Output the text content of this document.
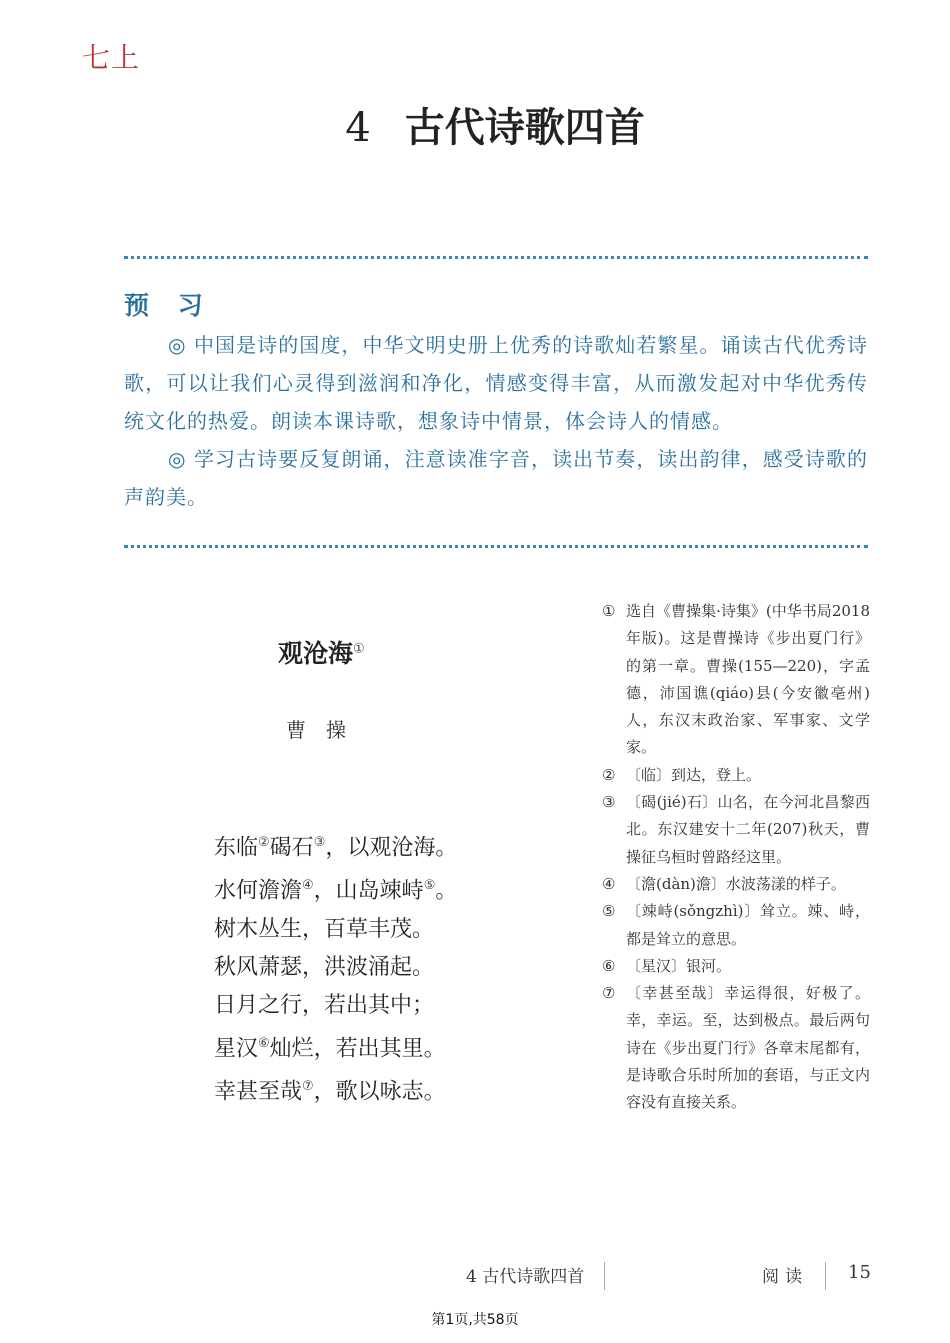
七上
4 古代诗歌四首
预 习
◎ 中国是诗的国度，中华文明史册上优秀的诗歌灿若繁星。诵读古代优秀诗歌，可以让我们心灵得到滋润和净化，情感变得丰富，从而激发起对中华优秀传统文化的热爱。朗读本课诗歌，想象诗中情景，体会诗人的情感。
◎ 学习古诗要反复朗诵，注意读准字音，读出节奏，读出韵律，感受诗歌的声韵美。
观沧海①
曹操
东临②碣石③，以观沧海。
水何澹澹④，山岛竦峙⑤。
树木丛生，百草丰茂。
秋风萧瑟，洪波涌起。
日月之行，若出其中；
星汉⑥灿烂，若出其里。
幸甚至哉⑦，歌以咏志。
① 选自《曹操集·诗集》(中华书局2018年版)。这是曹操诗《步出夏门行》的第一章。曹操(155—220)，字孟德，沛国谯(qiáo)县(今安徽亳州)人，东汉末政治家、军事家、文学家。
② 〔临〕到达，登上。
③ 〔碣(jié)石〕山名，在今河北昌黎西北。东汉建安十二年(207)秋天，曹操征乌桓时曾路经这里。
④ 〔澹(dàn)澹〕水波荡漾的样子。
⑤ 〔竦峙(sǒngzhì)〕耸立。竦、峙，都是耸立的意思。
⑥ 〔星汉〕银河。
⑦ 〔幸甚至哉〕幸运得很，好极了。幸，幸运。至，达到极点。最后两句诗在《步出夏门行》各章末尾都有，是诗歌合乐时所加的套语，与正文内容没有直接关系。
4 古代诗歌四首	阅读 15
第1页,共58页
